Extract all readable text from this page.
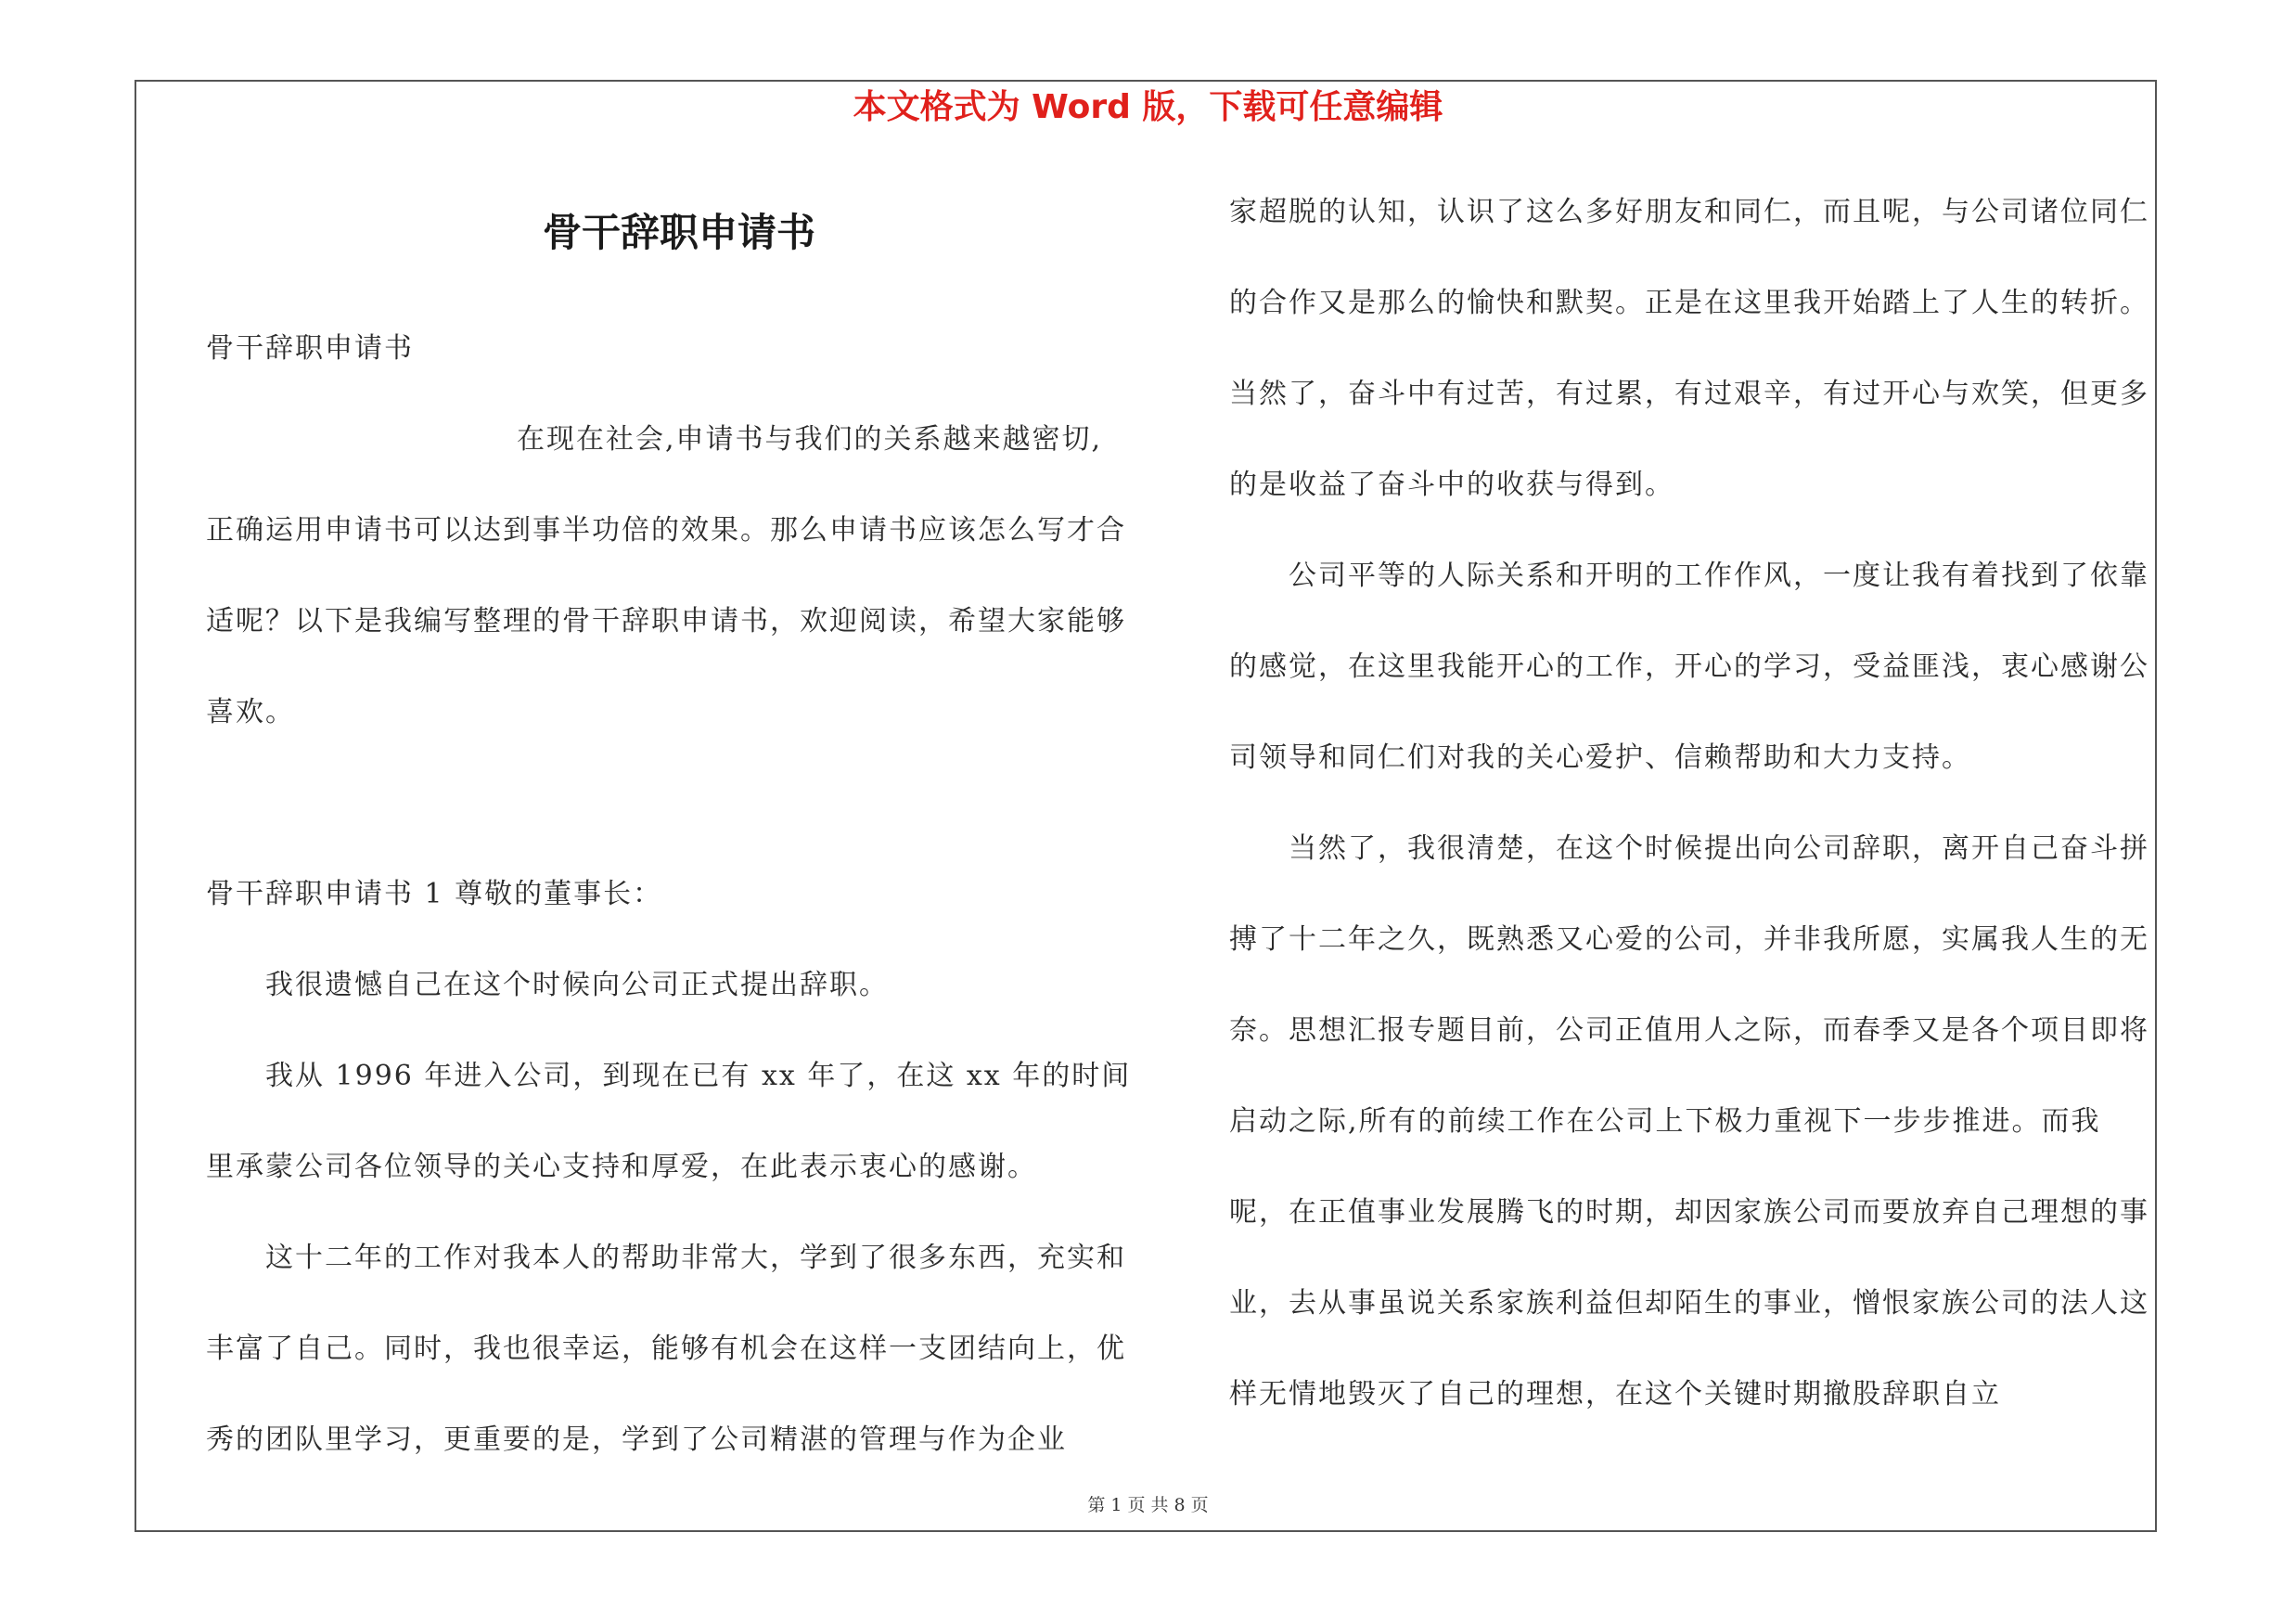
本文格式为 Word 版，下载可任意编辑
骨干辞职申请书

骨干辞职申请书

在现在社会,申请书与我们的关系越来越密切,

正确运用申请书可以达到事半功倍的效果。那么申请书应该怎么写才合适呢？以下是我编写整理的骨干辞职申请书，欢迎阅读，希望大家能够喜欢。

骨干辞职申请书 1 尊敬的董事长：

我很遗憾自己在这个时候向公司正式提出辞职。

我从 1996 年进入公司，到现在已有 xx 年了，在这 xx 年的时间里承蒙公司各位领导的关心支持和厚爱，在此表示衷心的感谢。

这十二年的工作对我本人的帮助非常大，学到了很多东西，充实和丰富了自己。同时，我也很幸运，能够有机会在这样一支团结向上，优秀的团队里学习，更重要的是，学到了公司精湛的管理与作为企业

家超脱的认知，认识了这么多好朋友和同仁，而且呢，与公司诸位同仁的合作又是那么的愉快和默契。正是在这里我开始踏上了人生的转折。当然了，奋斗中有过苦，有过累，有过艰辛，有过开心与欢笑，但更多的是收益了奋斗中的收获与得到。

公司平等的人际关系和开明的工作作风，一度让我有着找到了依靠的感觉，在这里我能开心的工作，开心的学习，受益匪浅，衷心感谢公司领导和同仁们对我的关心爱护、信赖帮助和大力支持。

当然了，我很清楚，在这个时候提出向公司辞职，离开自己奋斗拼搏了十二年之久，既熟悉又心爱的公司，并非我所愿，实属我人生的无奈。思想汇报专题目前，公司正值用人之际，而春季又是各个项目即将启动之际,所有的前续工作在公司上下极力重视下一步步推进。而我呢，在正值事业发展腾飞的时期，却因家族公司而要放弃自己理想的事业，去从事虽说关系家族利益但却陌生的事业，憎恨家族公司的法人这样无情地毁灭了自己的理想，在这个关键时期撤股辞职自立

第 1 页 共 8 页
